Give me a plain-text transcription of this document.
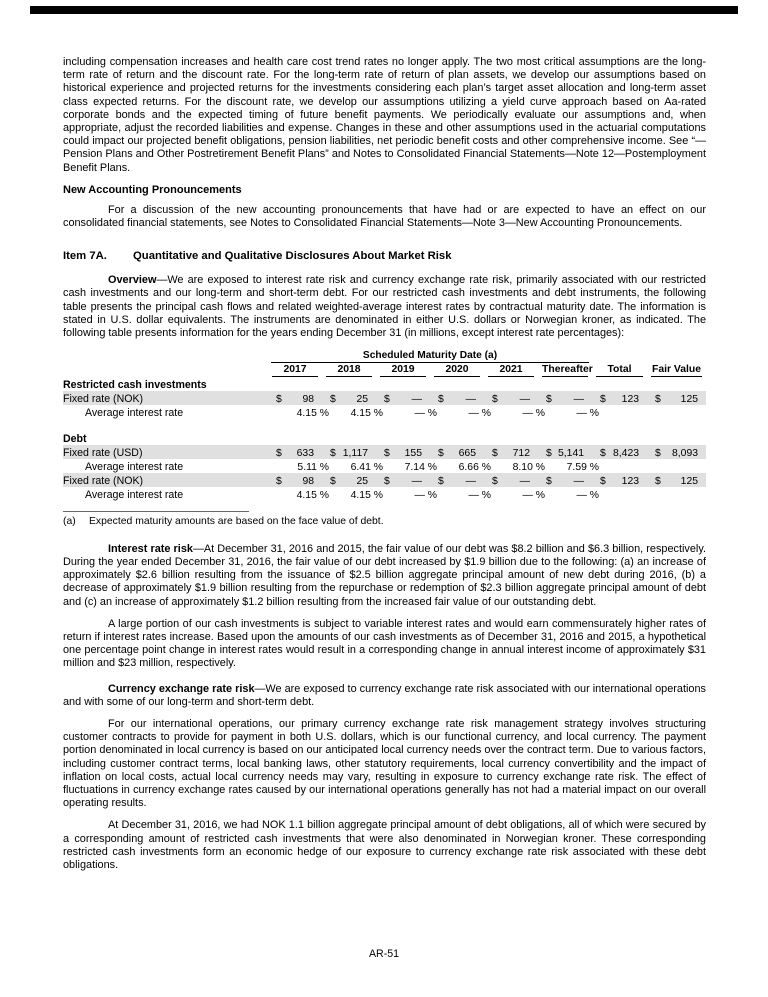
including compensation increases and health care cost trend rates no longer apply. The two most critical assumptions are the long-term rate of return and the discount rate. For the long-term rate of return of plan assets, we develop our assumptions based on historical experience and projected returns for the investments considering each plan’s target asset allocation and long-term asset class expected returns. For the discount rate, we develop our assumptions utilizing a yield curve approach based on Aa-rated corporate bonds and the expected timing of future benefit payments. We periodically evaluate our assumptions and, when appropriate, adjust the recorded liabilities and expense. Changes in these and other assumptions used in the actuarial computations could impact our projected benefit obligations, pension liabilities, net periodic benefit costs and other comprehensive income. See “—Pension Plans and Other Postretirement Benefit Plans” and Notes to Consolidated Financial Statements—Note 12—Postemployment Benefit Plans.

New Accounting Pronouncements

For a discussion of the new accounting pronouncements that have had or are expected to have an effect on our consolidated financial statements, see Notes to Consolidated Financial Statements—Note 3—New Accounting Pronouncements.

Item 7A.	Quantitative and Qualitative Disclosures About Market Risk

Overview—We are exposed to interest rate risk and currency exchange rate risk, primarily associated with our restricted cash investments and our long-term and short-term debt. For our restricted cash investments and debt instruments, the following table presents the principal cash flows and related weighted-average interest rates by contractual maturity date. The information is stated in U.S. dollar equivalents. The instruments are denominated in either U.S. dollars or Norwegian kroner, as indicated. The following table presents information for the years ending December 31 (in millions, except interest rate percentages):

	Scheduled Maturity Date (a)							

	2017	2018	2019	2020	2021	Thereafter	Total	Fair Value

Restricted cash investments								
Fixed rate (NOK)	$ 98	$ 25	$ —	$ —	$ —	$ —	$ 123	$ 125

Average interest rate	4.15 %	4.15 %	— %	— %	— %	— %		

Debt								
Fixed rate (USD)	$ 633	$ 1,117	$ 155	$ 665	$ 712	$ 5,141	$ 8,423	$ 8,093

Average interest rate	5.11 %	6.41 %	7.14 %	6.66 %	8.10 %	7.59 %		

Fixed rate (NOK)	$ 98	$ 25	$ —	$ —	$ —	$ —	$ 123	$ 125

Average interest rate	4.15 %	4.15 %	— %	— %	— %	— %		

(a)	Expected maturity amounts are based on the face value of debt.

Interest rate risk—At December 31, 2016 and 2015, the fair value of our debt was $8.2 billion and $6.3 billion, respectively. During the year ended December 31, 2016, the fair value of our debt increased by $1.9 billion due to the following: (a) an increase of approximately $2.6 billion resulting from the issuance of $2.5 billion aggregate principal amount of new debt during 2016, (b) a decrease of approximately $1.9 billion resulting from the repurchase or redemption of $2.3 billion aggregate principal amount of debt and (c) an increase of approximately $1.2 billion resulting from the increased fair value of our outstanding debt.

A large portion of our cash investments is subject to variable interest rates and would earn commensurately higher rates of return if interest rates increase. Based upon the amounts of our cash investments as of December 31, 2016 and 2015, a hypothetical one percentage point change in interest rates would result in a corresponding change in annual interest income of approximately $31 million and $23 million, respectively.

Currency exchange rate risk—We are exposed to currency exchange rate risk associated with our international operations and with some of our long-term and short-term debt.

For our international operations, our primary currency exchange rate risk management strategy involves structuring customer contracts to provide for payment in both U.S. dollars, which is our functional currency, and local currency. The payment portion denominated in local currency is based on our anticipated local currency needs over the contract term. Due to various factors, including customer contract terms, local banking laws, other statutory requirements, local currency convertibility and the impact of inflation on local costs, actual local currency needs may vary, resulting in exposure to currency exchange rate risk. The effect of fluctuations in currency exchange rates caused by our international operations generally has not had a material impact on our overall operating results.

At December 31, 2016, we had NOK 1.1 billion aggregate principal amount of debt obligations, all of which were secured by a corresponding amount of restricted cash investments that were also denominated in Norwegian kroner. These corresponding restricted cash investments form an economic hedge of our exposure to currency exchange rate risk associated with these debt obligations.

AR-51
